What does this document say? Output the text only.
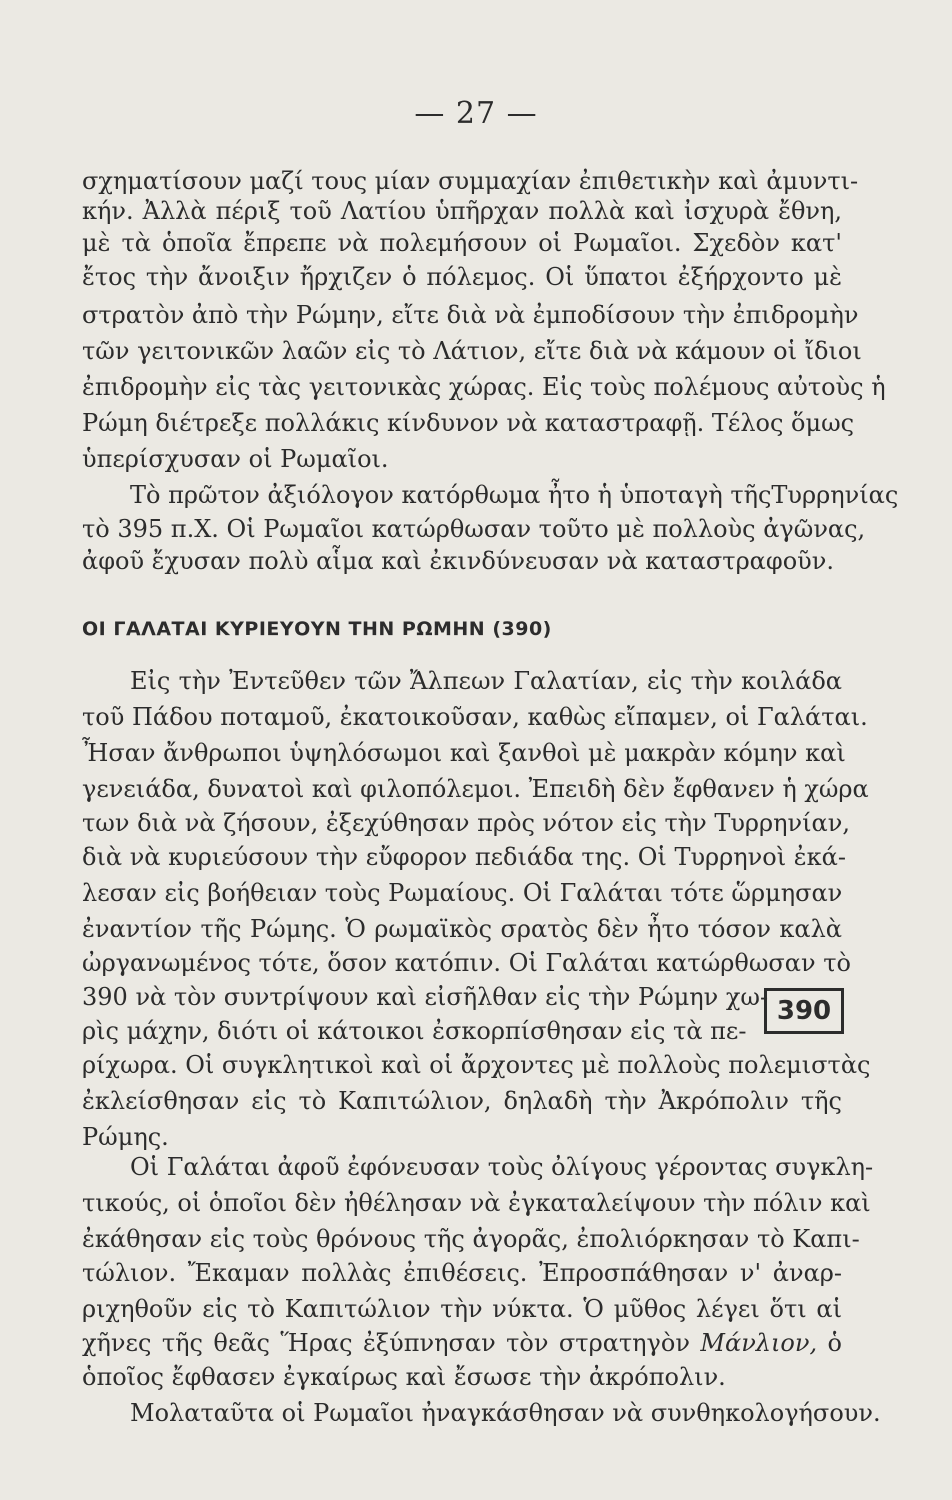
— 27 —
σχηματίσουν μαζί τους μίαν συμμαχίαν ἐπιθετικὴν καὶ ἀμυντι-
κήν. Ἀλλὰ πέριξ τοῦ Λατίου ὑπῆρχαν πολλὰ καὶ ἰσχυρὰ ἔθνη,
μὲ τὰ ὁποῖα ἔπρεπε νὰ πολεμήσουν οἱ Ρωμαῖοι. Σχεδὸν κατ'
ἔτος τὴν ἄνοιξιν ἤρχιζεν ὁ πόλεμος. Οἱ ὕπατοι ἐξήρχοντο μὲ
στρατὸν ἀπὸ τὴν Ρώμην, εἴτε διὰ νὰ ἐμποδίσουν τὴν ἐπιδρομὴν
τῶν γειτονικῶν λαῶν εἰς τὸ Λάτιον, εἴτε διὰ νὰ κάμουν οἱ ἴδιοι
ἐπιδρομὴν εἰς τὰς γειτονικὰς χώρας. Εἰς τοὺς πολέμους αὐτοὺς ἡ
Ρώμη διέτρεξε πολλάκις κίνδυνον νὰ καταστραφῇ. Τέλος ὅμως
ὑπερίσχυσαν οἱ Ρωμαῖοι.
Τὸ πρῶτον ἀξιόλογον κατόρθωμα ἦτο ἡ ὑποταγὴ τῆςΤυρρηνίας
τὸ 395 π.Χ. Οἱ Ρωμαῖοι κατώρθωσαν τοῦτο μὲ πολλοὺς ἀγῶνας,
ἀφοῦ ἔχυσαν πολὺ αἷμα καὶ ἐκινδύνευσαν νὰ καταστραφοῦν.
ΟΙ ΓΑΛΑΤΑΙ ΚΥΡΙΕΥΟΥΝ ΤΗΝ ΡΩΜΗΝ (390)
Εἰς τὴν Ἐντεῦθεν τῶν Ἄλπεων Γαλατίαν, εἰς τὴν κοιλάδα
τοῦ Πάδου ποταμοῦ, ἐκατοικοῦσαν, καθὼς εἴπαμεν, οἱ Γαλάται.
Ἦσαν ἄνθρωποι ὑψηλόσωμοι καὶ ξανθοὶ μὲ μακρὰν κόμην καὶ
γενειάδα, δυνατοὶ καὶ φιλοπόλεμοι. Ἐπειδὴ δὲν ἔφθανεν ἡ χώρα
των διὰ νὰ ζήσουν, ἐξεχύθησαν πρὸς νότον εἰς τὴν Τυρρηνίαν,
διὰ νὰ κυριεύσουν τὴν εὔφορον πεδιάδα της. Οἱ Τυρρηνοὶ ἐκά-
λεσαν εἰς βοήθειαν τοὺς Ρωμαίους. Οἱ Γαλάται τότε ὥρμησαν
ἐναντίον τῆς Ρώμης. Ὁ ρωμαϊκὸς σρατὸς δὲν ἦτο τόσον καλὰ
ὠργανωμένος τότε, ὅσον κατόπιν. Οἱ Γαλάται κατώρθωσαν τὸ
390 νὰ τὸν συντρίψουν καὶ εἰσῆλθαν εἰς τὴν Ρώμην χω-
ρὶς μάχην, διότι οἱ κάτοικοι ἐσκορπίσθησαν εἰς τὰ πε-
ρίχωρα. Οἱ συγκλητικοὶ καὶ οἱ ἄρχοντες μὲ πολλοὺς πολεμιστὰς
ἐκλείσθησαν εἰς τὸ Καπιτώλιον, δηλαδὴ τὴν Ἀκρόπολιν τῆς
Ρώμης.
390
Οἱ Γαλάται ἀφοῦ ἐφόνευσαν τοὺς ὀλίγους γέροντας συγκλη-
τικούς, οἱ ὁποῖοι δὲν ἠθέλησαν νὰ ἐγκαταλείψουν τὴν πόλιν καὶ
ἐκάθησαν εἰς τοὺς θρόνους τῆς ἀγορᾶς, ἐπολιόρκησαν τὸ Καπι-
τώλιον. Ἔκαμαν πολλὰς ἐπιθέσεις. Ἐπροσπάθησαν ν' ἀναρ-
ριχηθοῦν εἰς τὸ Καπιτώλιον τὴν νύκτα. Ὁ μῦθος λέγει ὅτι αἱ
χῆνες τῆς θεᾶς Ἥρας ἐξύπνησαν τὸν στρατηγὸν Μάνλιον, ὁ
ὁποῖος ἔφθασεν ἐγκαίρως καὶ ἔσωσε τὴν ἀκρόπολιν.
Μολαταῦτα οἱ Ρωμαῖοι ἠναγκάσθησαν νὰ συνθηκολογήσουν.
